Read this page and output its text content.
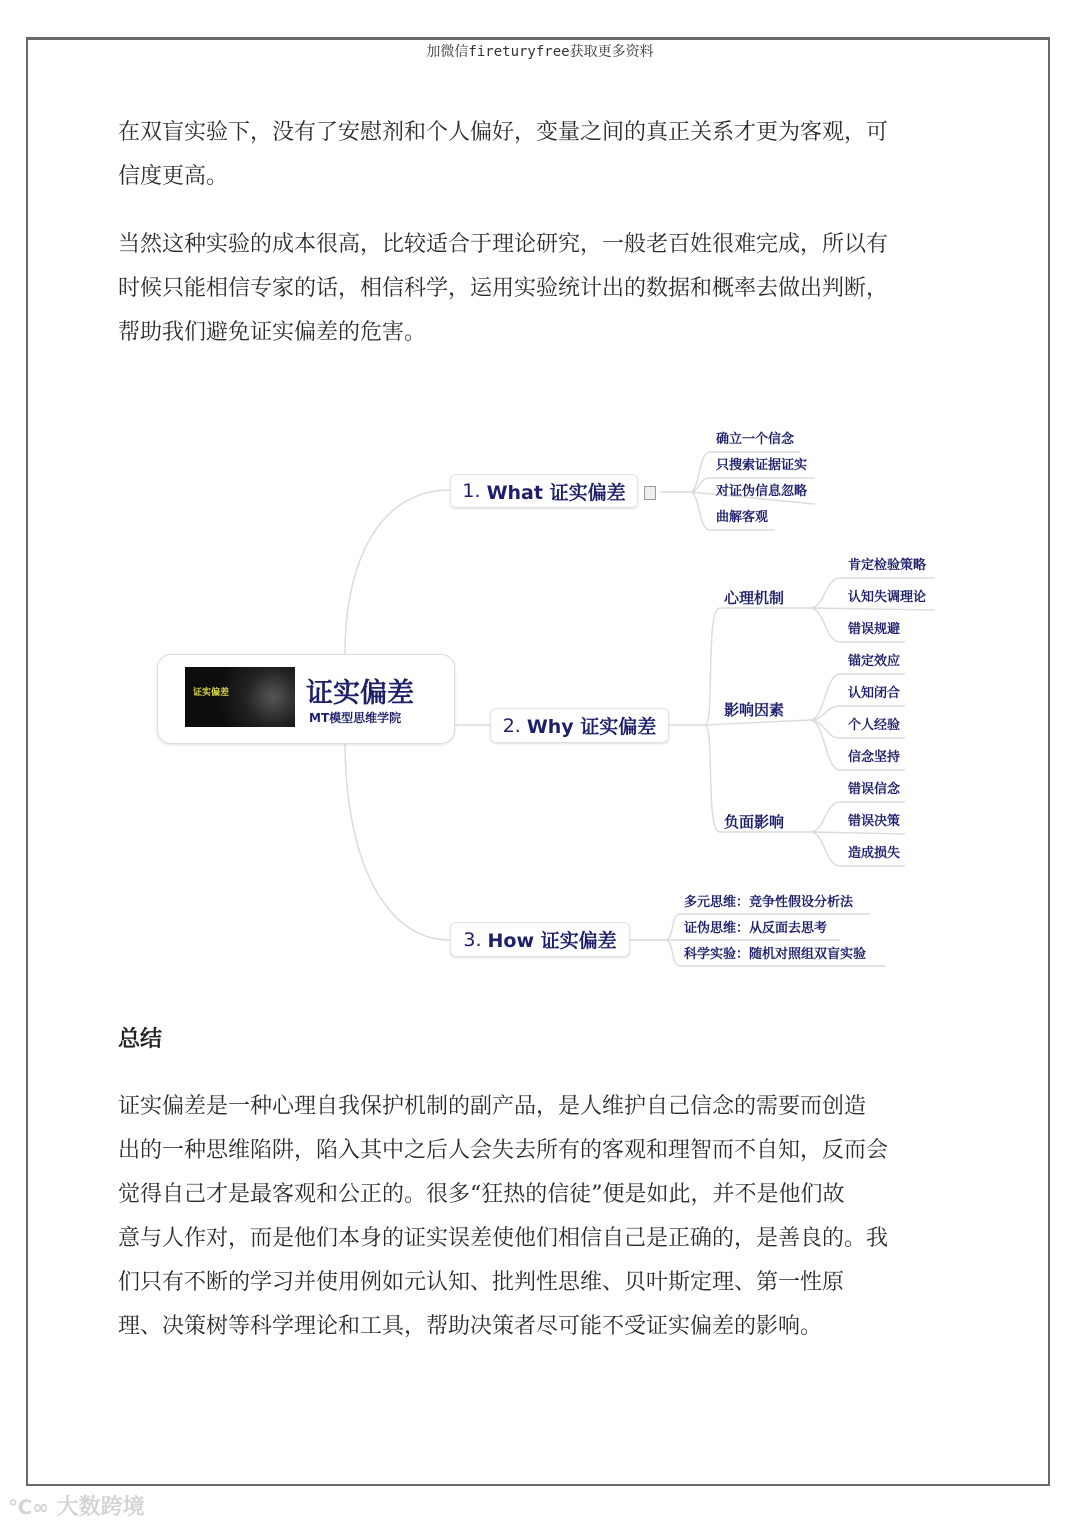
加微信fireturyfree获取更多资料
在双盲实验下，没有了安慰剂和个人偏好，变量之间的真正关系才更为客观，可
信度更高。
当然这种实验的成本很高，比较适合于理论研究，一般老百姓很难完成，所以有
时候只能相信专家的话，相信科学，运用实验统计出的数据和概率去做出判断，
帮助我们避免证实偏差的危害。
证实偏差	证实偏差
MT模型思维学院
1. What 证实偏差
2. Why 证实偏差
3. How 证实偏差
确立一个信念
只搜索证据证实
对证伪信息忽略
曲解客观
心理机制
影响因素
负面影响
肯定检验策略
认知失调理论
错误规避
锚定效应
认知闭合
个人经验
信念坚持
错误信念
错误决策
造成损失
多元思维：竞争性假设分析法
证伪思维：从反面去思考
科学实验：随机对照组双盲实验
总结
证实偏差是一种心理自我保护机制的副产品，是人维护自己信念的需要而创造
出的一种思维陷阱，陷入其中之后人会失去所有的客观和理智而不自知，反而会
觉得自己才是最客观和公正的。很多“狂热的信徒”便是如此，并不是他们故
意与人作对，而是他们本身的证实误差使他们相信自己是正确的，是善良的。我
们只有不断的学习并使用例如元认知、批判性思维、贝叶斯定理、第一性原
理、决策树等科学理论和工具，帮助决策者尽可能不受证实偏差的影响。
℃∞ 大数跨境
